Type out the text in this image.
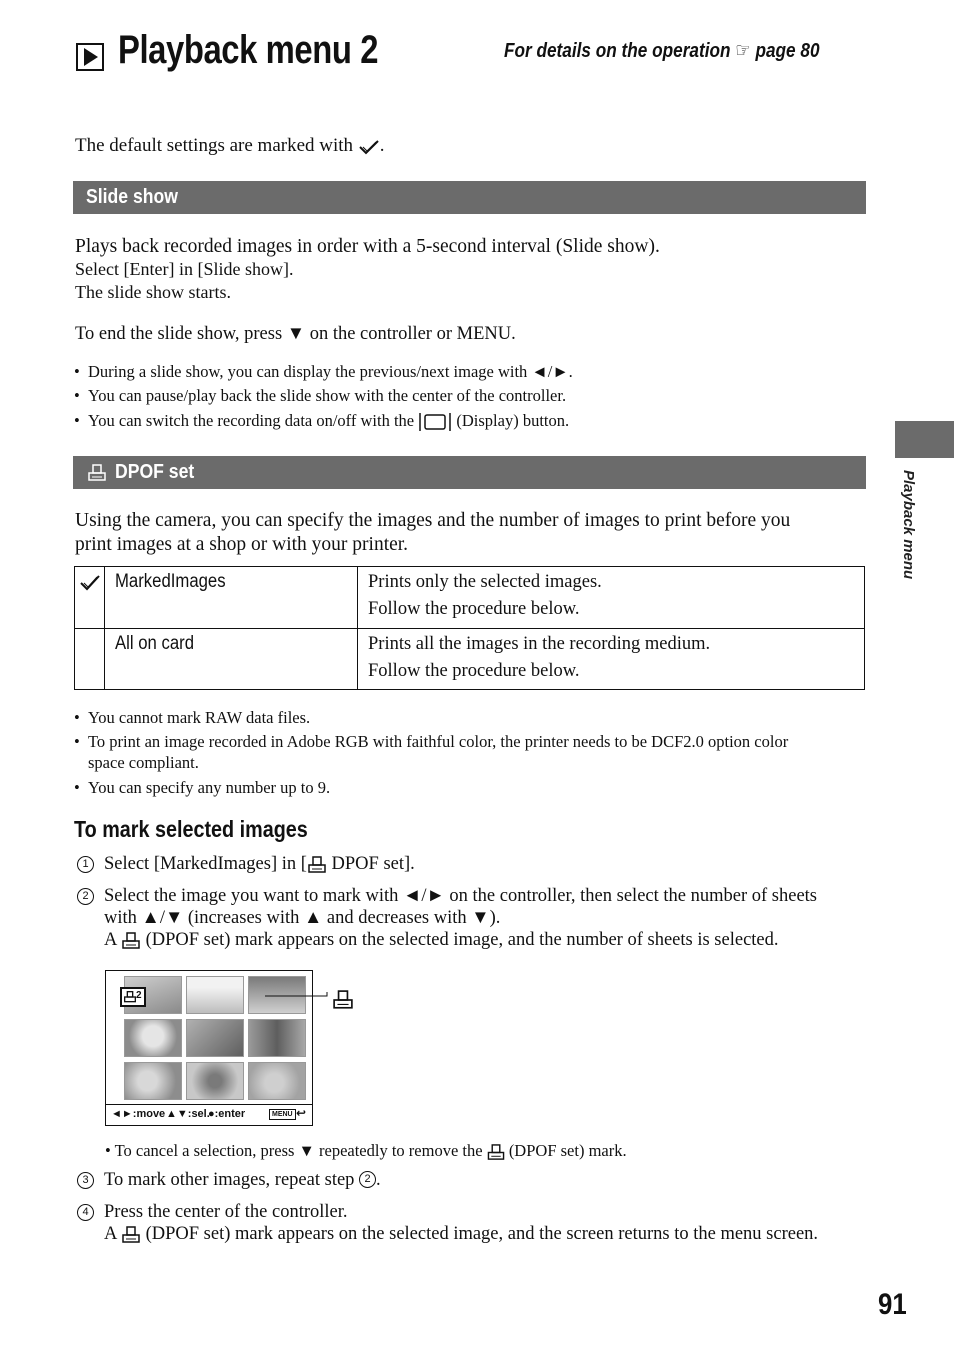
Playback menu 2	For details on the operation ☞ page 80
The default settings are marked with .
Slide show
Plays back recorded images in order with a 5-second interval (Slide show).
Select [Enter] in [Slide show].
The slide show starts.
To end the slide show, press ▼ on the controller or MENU.
• During a slide show, you can display the previous/next image with ◄/►.
• You can pause/play back the slide show with the center of the controller.
• You can switch the recording data on/off with the	(Display) button.
DPOF set
Using the camera, you can specify the images and the number of images to print before you
print images at a shop or with your printer.
MarkedImages	Prints only the selected images.
Follow the procedure below.
All on card	Prints all the images in the recording medium.
Follow the procedure below.
• You cannot mark RAW data files.
• To print an image recorded in Adobe RGB with faithful color, the printer needs to be DCF2.0 option color
space compliant.
• You can specify any number up to 9.
To mark selected images
1 Select [MarkedImages] in [ DPOF set].
2 Select the image you want to mark with ◄/► on the controller, then select the number of sheets
with ▲/▼ (increases with ▲ and decreases with ▼).
A (DPOF set) mark appears on the selected image, and the number of sheets is selected.
2
◄►:move ▲▼:sel.
●:enter	MENU ↩
• To cancel a selection, press ▼ repeatedly to remove the (DPOF set) mark.
3 To mark other images, repeat step 2 .
4 Press the center of the controller.
A (DPOF set) mark appears on the selected image, and the screen returns to the menu screen.
Playback menu
91
